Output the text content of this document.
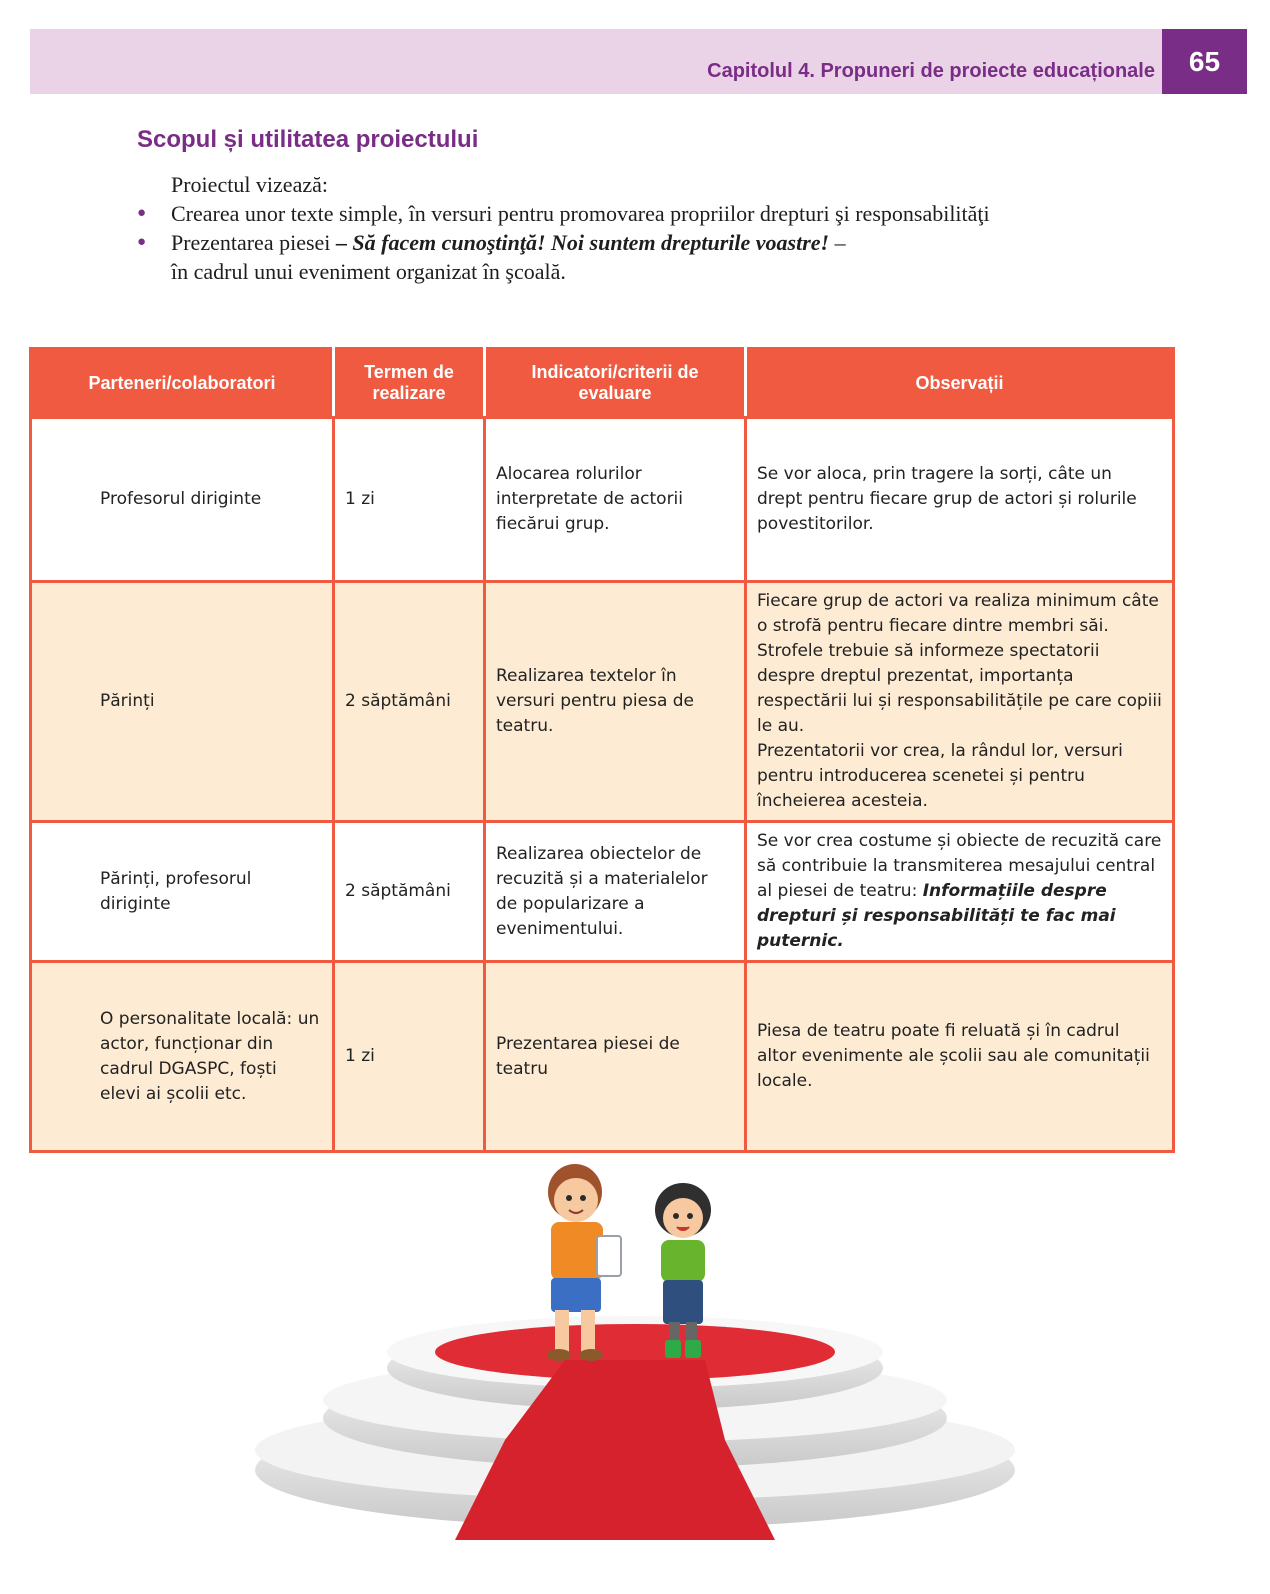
Capitolul 4. Propuneri de proiecte educaționale	65
Scopul și utilitatea proiectului

Proiectul vizează:

● Crearea unor texte simple, în versuri pentru promovarea propriilor drepturi şi responsabilităţi

● Prezentarea piesei – Să facem cunoştinţă! Noi suntem drepturile voastre! –
în cadrul unui eveniment organizat în şcoală.

Parteneri/colaboratori	Termen de realizare	Indicatori/criterii de evaluare	Observații
Profesorul diriginte	1 zi	Alocarea rolurilor interpretate de actorii fiecărui grup.	Se vor aloca, prin tragere la sorți, câte un drept pentru fiecare grup de actori și rolurile povestitorilor.
Părinți	2 săptămâni	Realizarea textelor în versuri pentru piesa de teatru.	Fiecare grup de actori va realiza minimum câte o strofă pentru fiecare dintre membri săi. Strofele trebuie să informeze spectatorii despre dreptul prezentat, importanța respectării lui și responsabilitățile pe care copiii le au.
Prezentatorii vor crea, la rândul lor, versuri pentru introducerea scenetei și pentru încheierea acesteia.
Părinți, profesorul diriginte	2 săptămâni	Realizarea obiectelor de recuzită și a materialelor de popularizare a evenimentului.	Se vor crea costume și obiecte de recuzită care să contribuie la transmiterea mesajului central al piesei de teatru: Informațiile despre drepturi și responsabilități te fac mai puternic.
O personalitate locală: un actor, funcționar din cadrul DGASPC, foști elevi ai școlii etc.	1 zi	Prezentarea piesei de teatru	Piesa de teatru poate fi reluată și în cadrul altor evenimente ale școlii sau ale comunitații locale.
